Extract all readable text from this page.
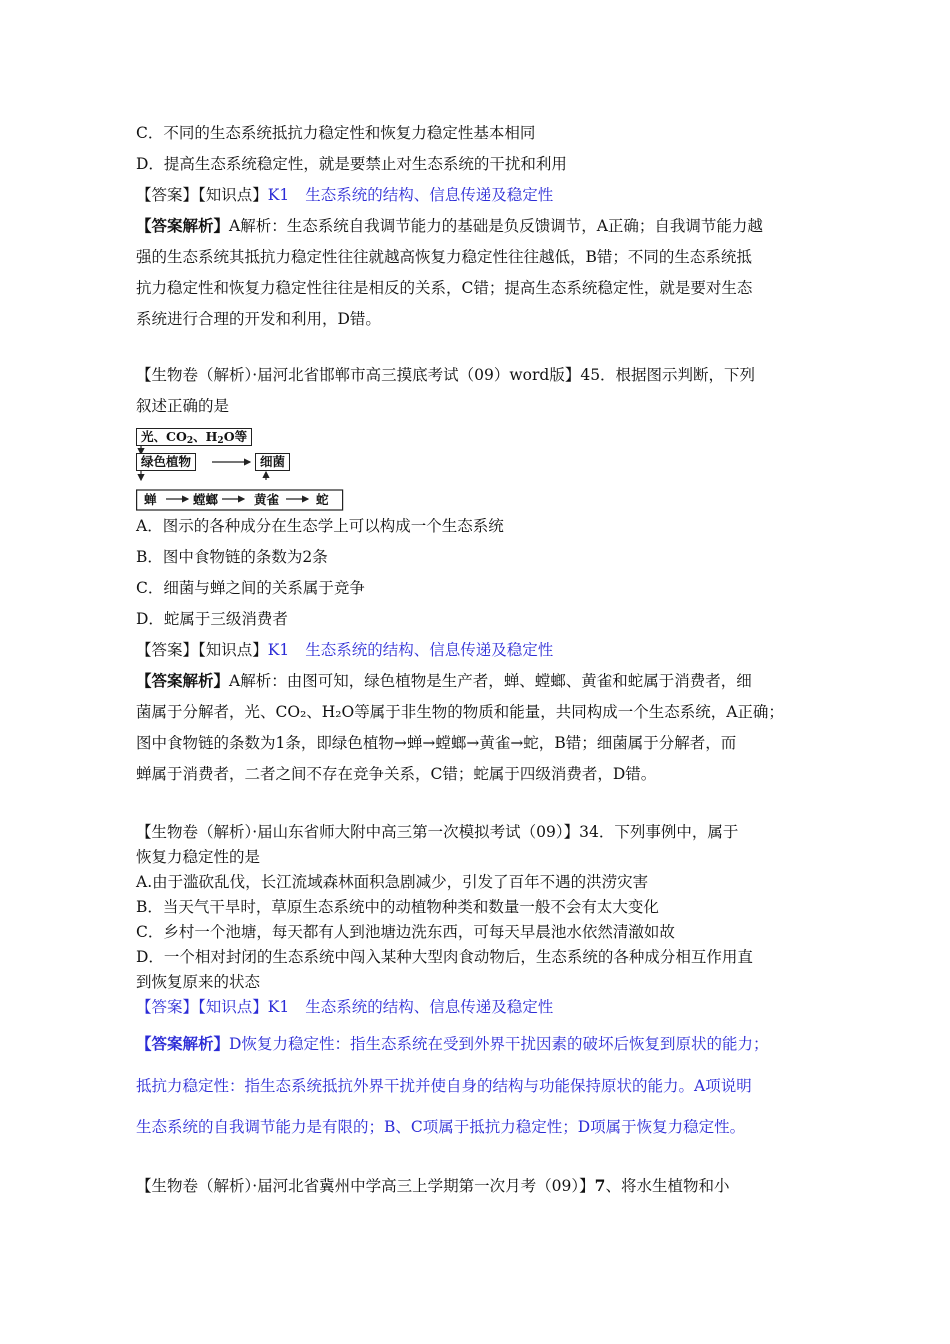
C．不同的生态系统抵抗力稳定性和恢复力稳定性基本相同
D．提高生态系统稳定性，就是要禁止对生态系统的干扰和利用
【答案】【知识点】K1 生态系统的结构、信息传递及稳定性
【答案解析】A解析：生态系统自我调节能力的基础是负反馈调节，A正确；自我调节能力越
强的生态系统其抵抗力稳定性往往就越高恢复力稳定性往往越低，B错；不同的生态系统抵
抗力稳定性和恢复力稳定性往往是相反的关系，C错；提高生态系统稳定性，就是要对生态
系统进行合理的开发和利用，D错。
【生物卷（解析）·届河北省邯郸市高三摸底考试（09）word版】45．根据图示判断，下列
叙述正确的是
光、$CO_2$、$H_2O$等
绿色植物	细菌
蝉	螳螂	黄雀	蛇
A．图示的各种成分在生态学上可以构成一个生态系统
B．图中食物链的条数为2条
C．细菌与蝉之间的关系属于竞争
D．蛇属于三级消费者
【答案】【知识点】K1 生态系统的结构、信息传递及稳定性
【答案解析】A解析：由图可知，绿色植物是生产者，蝉、螳螂、黄雀和蛇属于消费者，细
菌属于分解者，光、CO₂、H₂O等属于非生物的物质和能量，共同构成一个生态系统，A正确；
图中食物链的条数为1条，即绿色植物→蝉→螳螂→黄雀→蛇，B错；细菌属于分解者，而
蝉属于消费者，二者之间不存在竞争关系，C错；蛇属于四级消费者，D错。
【生物卷（解析）·届山东省师大附中高三第一次模拟考试（09）】34．下列事例中，属于
恢复力稳定性的是
A.由于滥砍乱伐，长江流域森林面积急剧减少，引发了百年不遇的洪涝灾害
B．当天气干旱时，草原生态系统中的动植物种类和数量一般不会有太大变化
C．乡村一个池塘，每天都有人到池塘边洗东西，可每天早晨池水依然清澈如故
D．一个相对封闭的生态系统中闯入某种大型肉食动物后，生态系统的各种成分相互作用直
到恢复原来的状态
【答案】【知识点】K1 生态系统的结构、信息传递及稳定性
【答案解析】D恢复力稳定性：指生态系统在受到外界干扰因素的破坏后恢复到原状的能力；
抵抗力稳定性：指生态系统抵抗外界干扰并使自身的结构与功能保持原状的能力。A项说明
生态系统的自我调节能力是有限的；B、C项属于抵抗力稳定性；D项属于恢复力稳定性。
【生物卷（解析）·届河北省冀州中学高三上学期第一次月考（09）】7、将水生植物和小
